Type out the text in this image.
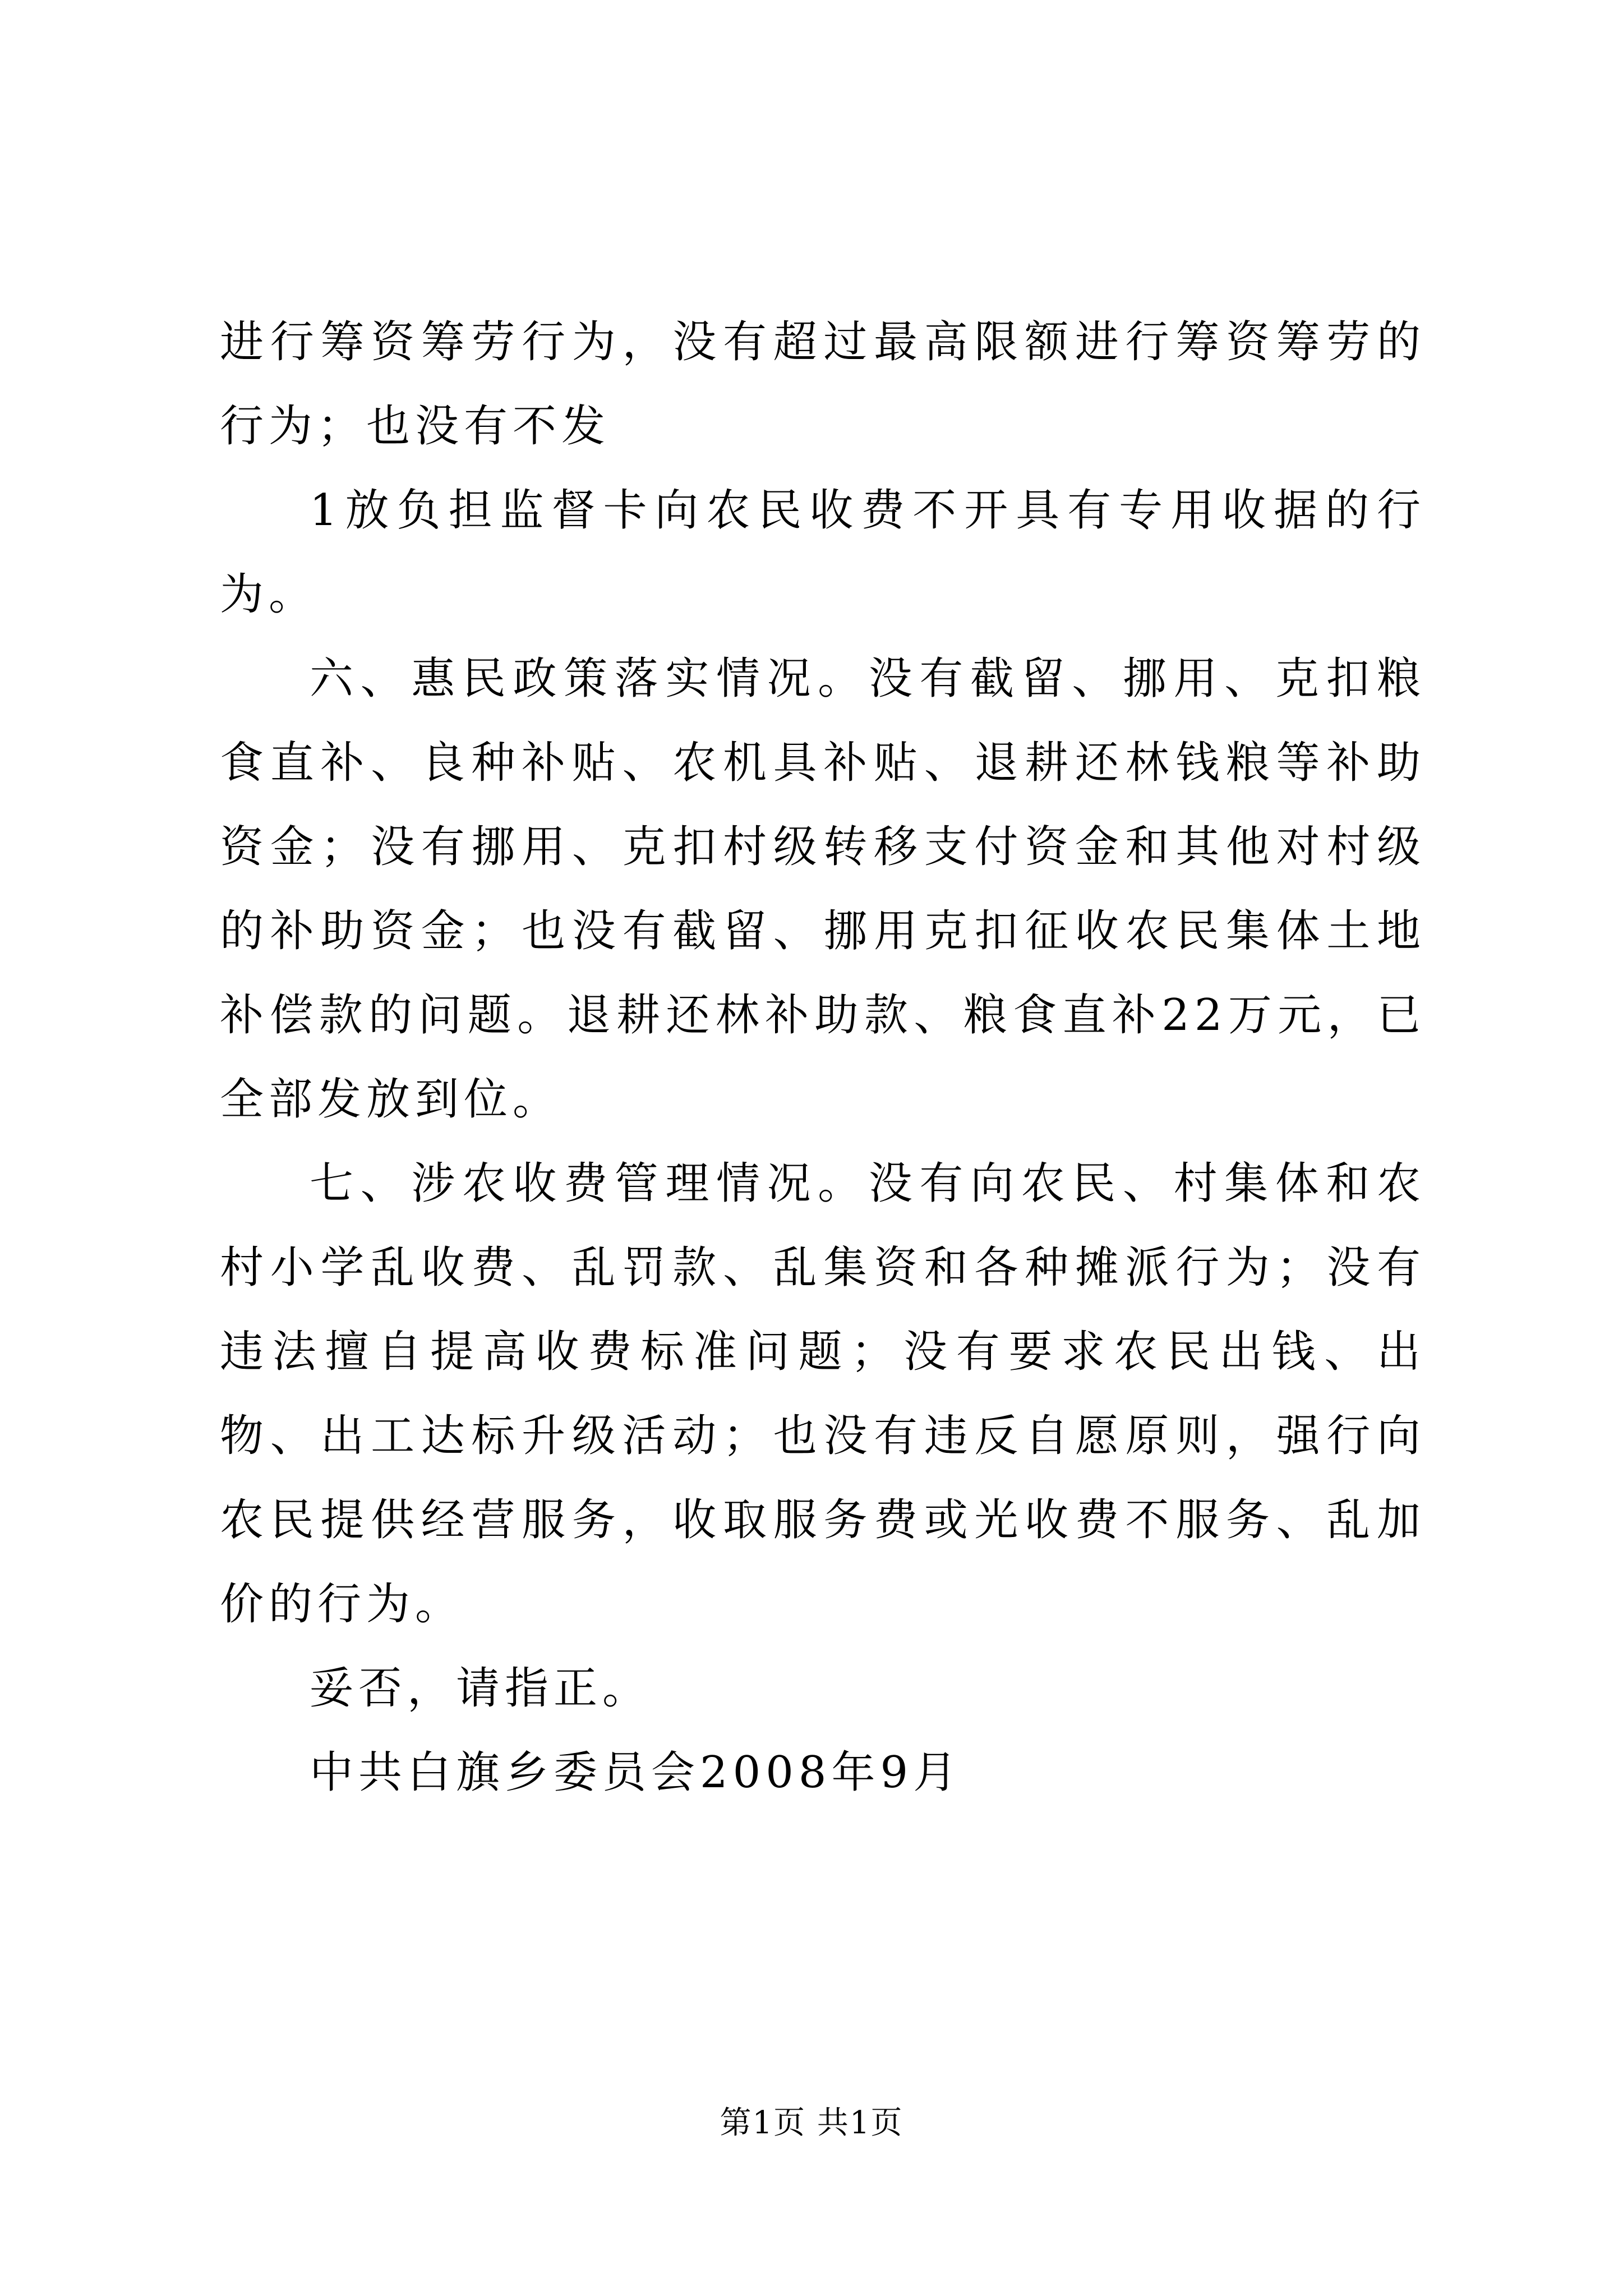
进行筹资筹劳行为，没有超过最高限额进行筹资筹劳的行为；也没有不发

1放负担监督卡向农民收费不开具有专用收据的行为。

六、惠民政策落实情况。没有截留、挪用、克扣粮食直补、良种补贴、农机具补贴、退耕还林钱粮等补助资金；没有挪用、克扣村级转移支付资金和其他对村级的补助资金；也没有截留、挪用克扣征收农民集体土地补偿款的问题。退耕还林补助款、粮食直补22万元，已全部发放到位。

七、涉农收费管理情况。没有向农民、村集体和农村小学乱收费、乱罚款、乱集资和各种摊派行为；没有违法擅自提高收费标准问题；没有要求农民出钱、出物、出工达标升级活动；也没有违反自愿原则，强行向农民提供经营服务，收取服务费或光收费不服务、乱加价的行为。

妥否，请指正。

中共白旗乡委员会2008年9月

第1页 共1页
